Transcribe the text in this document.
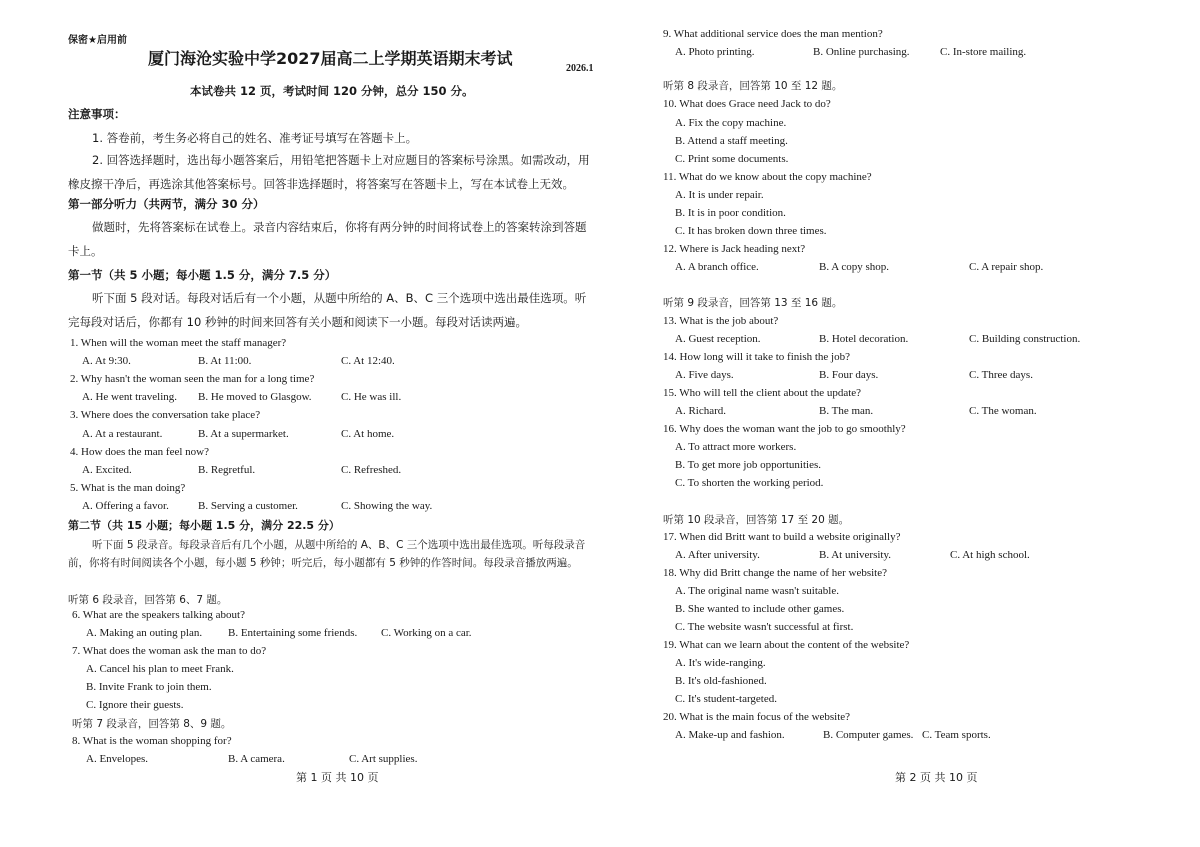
保密★启用前
厦门海沧实验中学2027届高二上学期英语期末考试
2026.1
本试卷共 12 页，考试时间 120 分钟，总分 150 分。
注意事项：
1. 答卷前，考生务必将自己的姓名、准考证号填写在答题卡上。
2. 回答选择题时，选出每小题答案后，用铅笔把答题卡上对应题目的答案标号涂黑。如需改动，用橡皮擦干净后，再选涂其他答案标号。回答非选择题时，将答案写在答题卡上，写在本试卷上无效。
第一部分听力（共两节，满分 30 分）
做题时，先将答案标在试卷上。录音内容结束后，你将有两分钟的时间将试卷上的答案转涂到答题卡上。
第一节（共 5 小题；每小题 1.5 分，满分 7.5 分）
听下面 5 段对话。每段对话后有一个小题，从题中所给的 A、B、C 三个选项中选出最佳选项。听完每段对话后，你都有 10 秒钟的时间来回答有关小题和阅读下一小题。每段对话读两遍。
1. When will the woman meet the staff manager?
A. At 9:30.	B. At 11:00.	C. At 12:40.
2. Why hasn't the woman seen the man for a long time?
A. He went traveling. B. He moved to Glasgow.	C. He was ill.
3. Where does the conversation take place?
A. At a restaurant.	B. At a supermarket.	C. At home.
4. How does the man feel now?
A. Excited.	B. Regretful.	C. Refreshed.
5. What is the man doing?
A. Offering a favor.	B. Serving a customer.	C. Showing the way.
第二节（共 15 小题；每小题 1.5 分，满分 22.5 分）
听下面 5 段录音。每段录音后有几个小题，从题中所给的 A、B、C 三个选项中选出最佳选项。听每段录音前，你将有时间阅读各个小题，每小题 5 秒钟；听完后，每小题都有 5 秒钟的作答时间。每段录音播放两遍。
听第 6 段录音，回答第 6、7 题。
6. What are the speakers talking about?
A. Making an outing plan. B. Entertaining some friends. C. Working on a car.
7. What does the woman ask the man to do?
A. Cancel his plan to meet Frank.
B. Invite Frank to join them.
C. Ignore their guests.
听第 7 段录音，回答第 8、9 题。
8. What is the woman shopping for?
A. Envelopes.	B. A camera.	C. Art supplies.
第 1 页 共 10 页
9. What additional service does the man mention?
A. Photo printing.	B. Online purchasing.	C. In-store mailing.
听第 8 段录音，回答第 10 至 12 题。
10. What does Grace need Jack to do?
A. Fix the copy machine.
B. Attend a staff meeting.
C. Print some documents.
11. What do we know about the copy machine?
A. It is under repair.
B. It is in poor condition.
C. It has broken down three times.
12. Where is Jack heading next?
A. A branch office.	B. A copy shop.	C. A repair shop.
听第 9 段录音，回答第 13 至 16 题。
13. What is the job about?
A. Guest reception.	B. Hotel decoration.	C. Building construction.
14. How long will it take to finish the job?
A. Five days.	B. Four days.	C. Three days.
15. Who will tell the client about the update?
A. Richard.	B. The man.	C. The woman.
16. Why does the woman want the job to go smoothly?
A. To attract more workers.
B. To get more job opportunities.
C. To shorten the working period.
听第 10 段录音，回答第 17 至 20 题。
17. When did Britt want to build a website originally?
A. After university.	B. At university.	C. At high school.
18. Why did Britt change the name of her website?
A. The original name wasn't suitable.
B. She wanted to include other games.
C. The website wasn't successful at first.
19. What can we learn about the content of the website?
A. It's wide-ranging.
B. It's old-fashioned.
C. It's student-targeted.
20. What is the main focus of the website?
A. Make-up and fashion.	B. Computer games. C. Team sports.
第 2 页 共 10 页
